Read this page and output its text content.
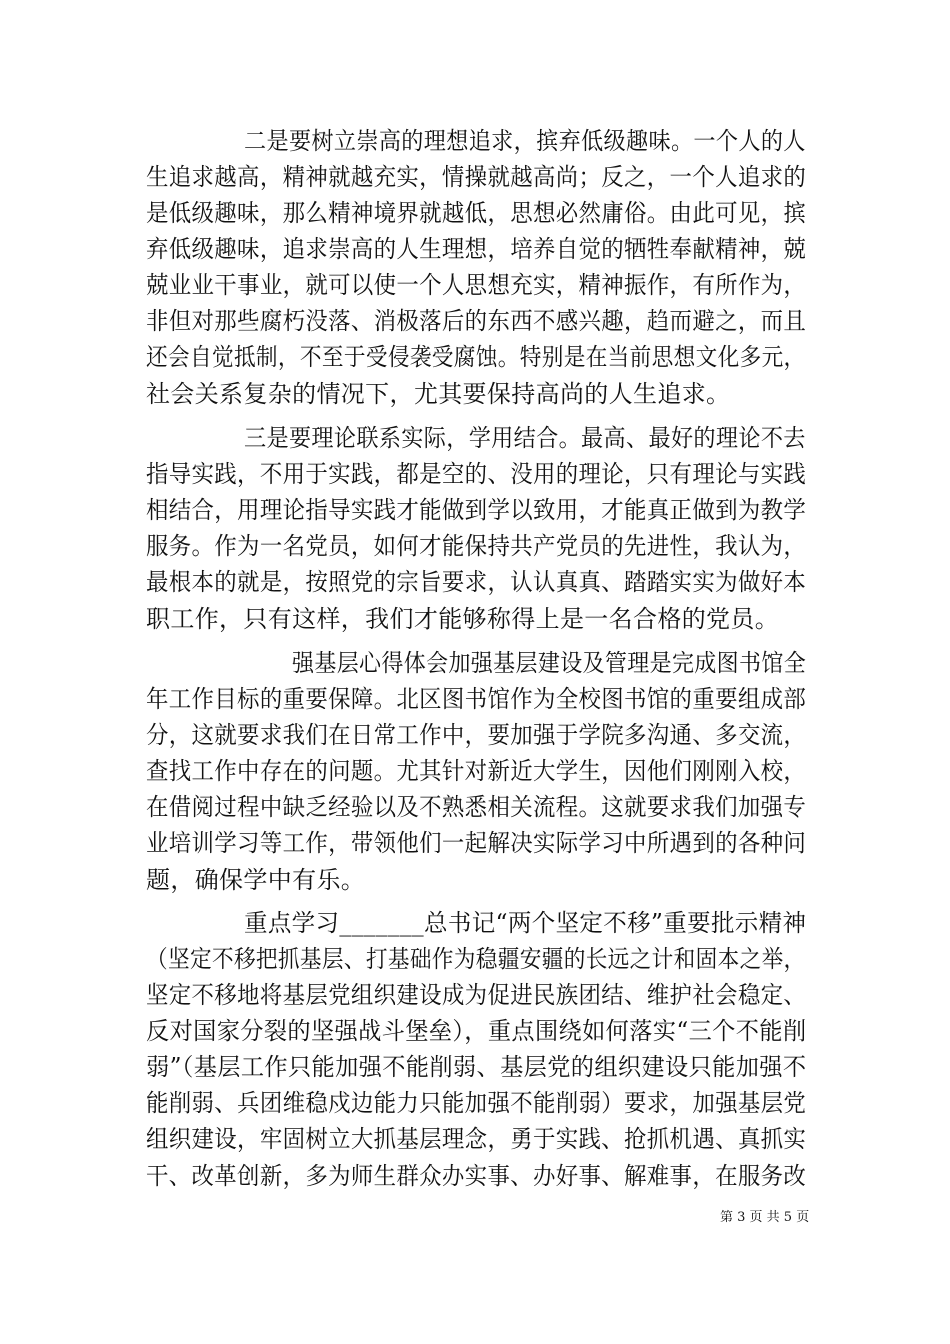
二是要树立崇高的理想追求，摈弃低级趣味。一个人的人
生追求越高，精神就越充实，情操就越高尚；反之，一个人追求的
是低级趣味，那么精神境界就越低，思想必然庸俗。由此可见，摈
弃低级趣味，追求崇高的人生理想，培养自觉的牺牲奉献精神，兢
兢业业干事业，就可以使一个人思想充实，精神振作，有所作为，
非但对那些腐朽没落、消极落后的东西不感兴趣，趋而避之，而且
还会自觉抵制，不至于受侵袭受腐蚀。特别是在当前思想文化多元，
社会关系复杂的情况下，尤其要保持高尚的人生追求。
三是要理论联系实际，学用结合。最高、最好的理论不去
指导实践，不用于实践，都是空的、没用的理论，只有理论与实践
相结合，用理论指导实践才能做到学以致用，才能真正做到为教学
服务。作为一名党员，如何才能保持共产党员的先进性，我认为，
最根本的就是，按照党的宗旨要求，认认真真、踏踏实实为做好本
职工作，只有这样，我们才能够称得上是一名合格的党员。
强基层心得体会加强基层建设及管理是完成图书馆全
年工作目标的重要保障。北区图书馆作为全校图书馆的重要组成部
分，这就要求我们在日常工作中，要加强于学院多沟通、多交流，
查找工作中存在的问题。尤其针对新近大学生，因他们刚刚入校，
在借阅过程中缺乏经验以及不熟悉相关流程。这就要求我们加强专
业培训学习等工作，带领他们一起解决实际学习中所遇到的各种问
题，确保学中有乐。
重点学习_______总书记“两个坚定不移”重要批示精神
（坚定不移把抓基层、打基础作为稳疆安疆的长远之计和固本之举，
坚定不移地将基层党组织建设成为促进民族团结、维护社会稳定、
反对国家分裂的坚强战斗堡垒），重点围绕如何落实“三个不能削
弱”（基层工作只能加强不能削弱、基层党的组织建设只能加强不
能削弱、兵团维稳戍边能力只能加强不能削弱）要求，加强基层党
组织建设，牢固树立大抓基层理念，勇于实践、抢抓机遇、真抓实
干、改革创新，多为师生群众办实事、办好事、解难事，在服务改
第 3 页 共 5 页
